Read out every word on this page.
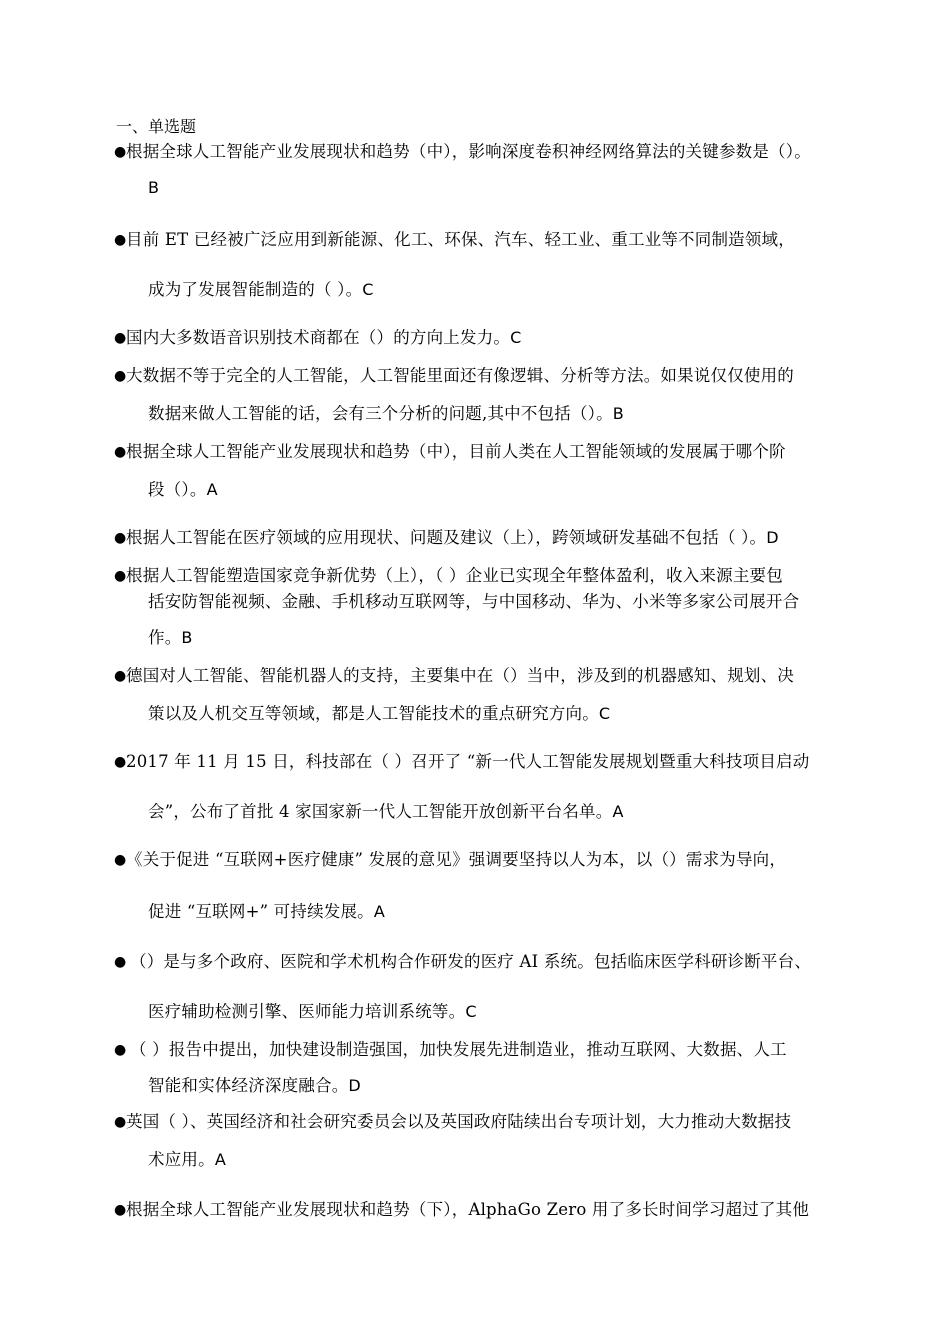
一、单选题
● 根据全球人工智能产业发展现状和趋势（中），影响深度卷积神经网络算法的关键参数是（）。
B
● 目前 ET 已经被广泛应用到新能源、化工、环保、汽车、轻工业、重工业等不同制造领域，
成为了发展智能制造的（ ）。C
● 国内大多数语音识别技术商都在（）的方向上发力。C
● 大数据不等于完全的人工智能，人工智能里面还有像逻辑、分析等方法。如果说仅仅使用的
数据来做人工智能的话，会有三个分析的问题,其中不包括（）。B
● 根据全球人工智能产业发展现状和趋势（中），目前人类在人工智能领域的发展属于哪个阶
段（）。A
● 根据人工智能在医疗领域的应用现状、问题及建议（上），跨领域研发基础不包括（ ）。D
● 根据人工智能塑造国家竞争新优势（上），（ ）企业已实现全年整体盈利，收入来源主要包
括安防智能视频、金融、手机移动互联网等，与中国移动、华为、小米等多家公司展开合
作。B
● 德国对人工智能、智能机器人的支持，主要集中在（）当中，涉及到的机器感知、规划、决
策以及人机交互等领域，都是人工智能技术的重点研究方向。C
● 2017 年 11 月 15 日，科技部在（ ）召开了 “新一代人工智能发展规划暨重大科技项目启动
会”，公布了首批 4 家国家新一代人工智能开放创新平台名单。A
● 《关于促进 “互联网+医疗健康” 发展的意见》强调要坚持以人为本，以（）需求为导向，
促进 “互联网+” 可持续发展。A
● （）是与多个政府、医院和学术机构合作研发的医疗 AI 系统。包括临床医学科研诊断平台、
医疗辅助检测引擎、医师能力培训系统等。C
● （ ）报告中提出，加快建设制造强国，加快发展先进制造业，推动互联网、大数据、人工
智能和实体经济深度融合。D
● 英国（ ）、英国经济和社会研究委员会以及英国政府陆续出台专项计划，大力推动大数据技
术应用。A
● 根据全球人工智能产业发展现状和趋势（下），AlphaGo Zero 用了多长时间学习超过了其他
